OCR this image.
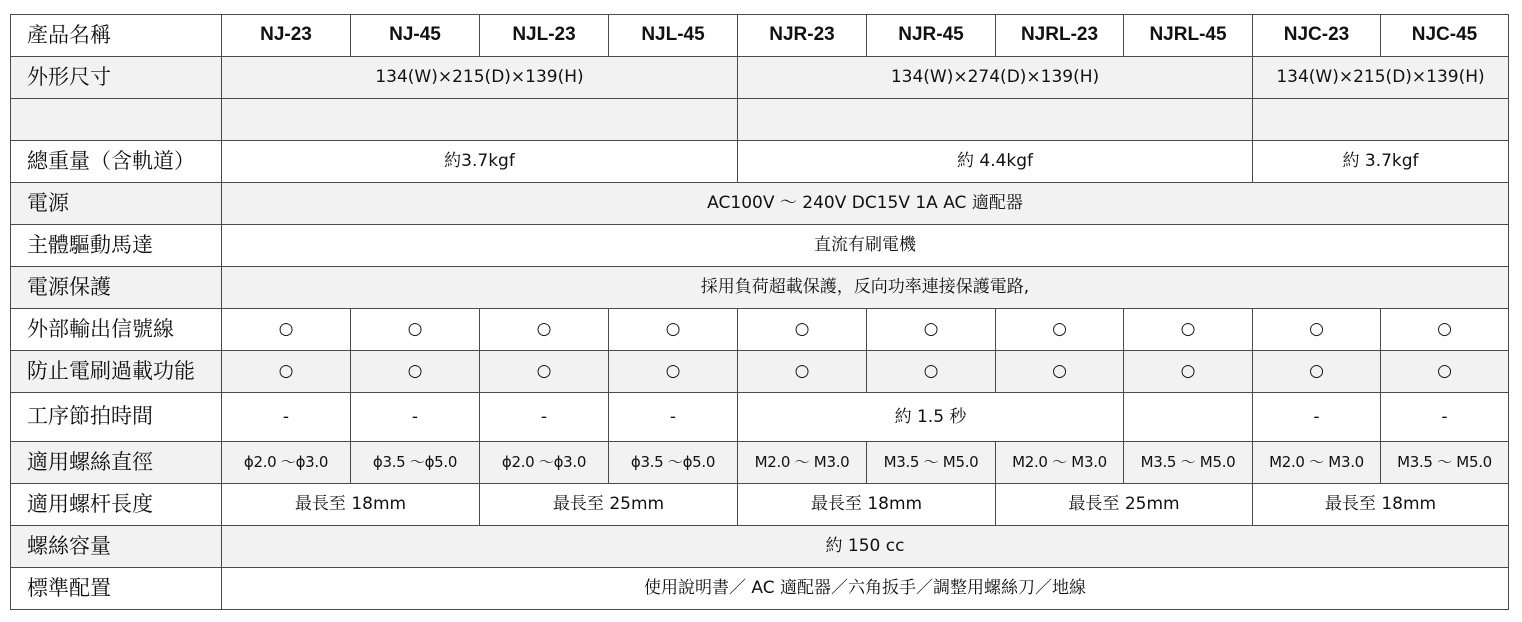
產品名稱	NJ-23	NJ-45	NJL-23	NJL-45	NJR-23	NJR-45	NJRL-23	NJRL-45	NJC-23	NJC-45
外形尺寸	134(W)×215(D)×139(H)				134(W)×274(D)×139(H)				134(W)×215(D)×139(H)	

總重量（含軌道）	約3.7kgf				約 4.4kgf				約 3.7kgf	
電源	AC100V ～ 240V DC15V 1A AC 適配器									
主體驅動馬達	直流有刷電機									
電源保護	採用負荷超載保護，反向功率連接保護電路,									
外部輸出信號線	○	○	○	○	○	○	○	○	○	○
防止電刷過載功能	○	○	○	○	○	○	○	○	○	○
工序節拍時間	-	-	-	-	約 1.5 秒				-	-
適用螺絲直徑	ϕ2.0 ～ϕ3.0	ϕ3.5 ～ϕ5.0	ϕ2.0 ～ϕ3.0	ϕ3.5 ～ϕ5.0	M2.0 ～ M3.0	M3.5 ～ M5.0	M2.0 ～ M3.0	M3.5 ～ M5.0	M2.0 ～ M3.0	M3.5 ～ M5.0
適用螺杆長度	最長至 18mm		最長至 25mm		最長至 18mm		最長至 25mm		最長至 18mm	
螺絲容量	約 150 cc									
標準配置	使用說明書／ AC 適配器／六角扳手／調整用螺絲刀／地線									
